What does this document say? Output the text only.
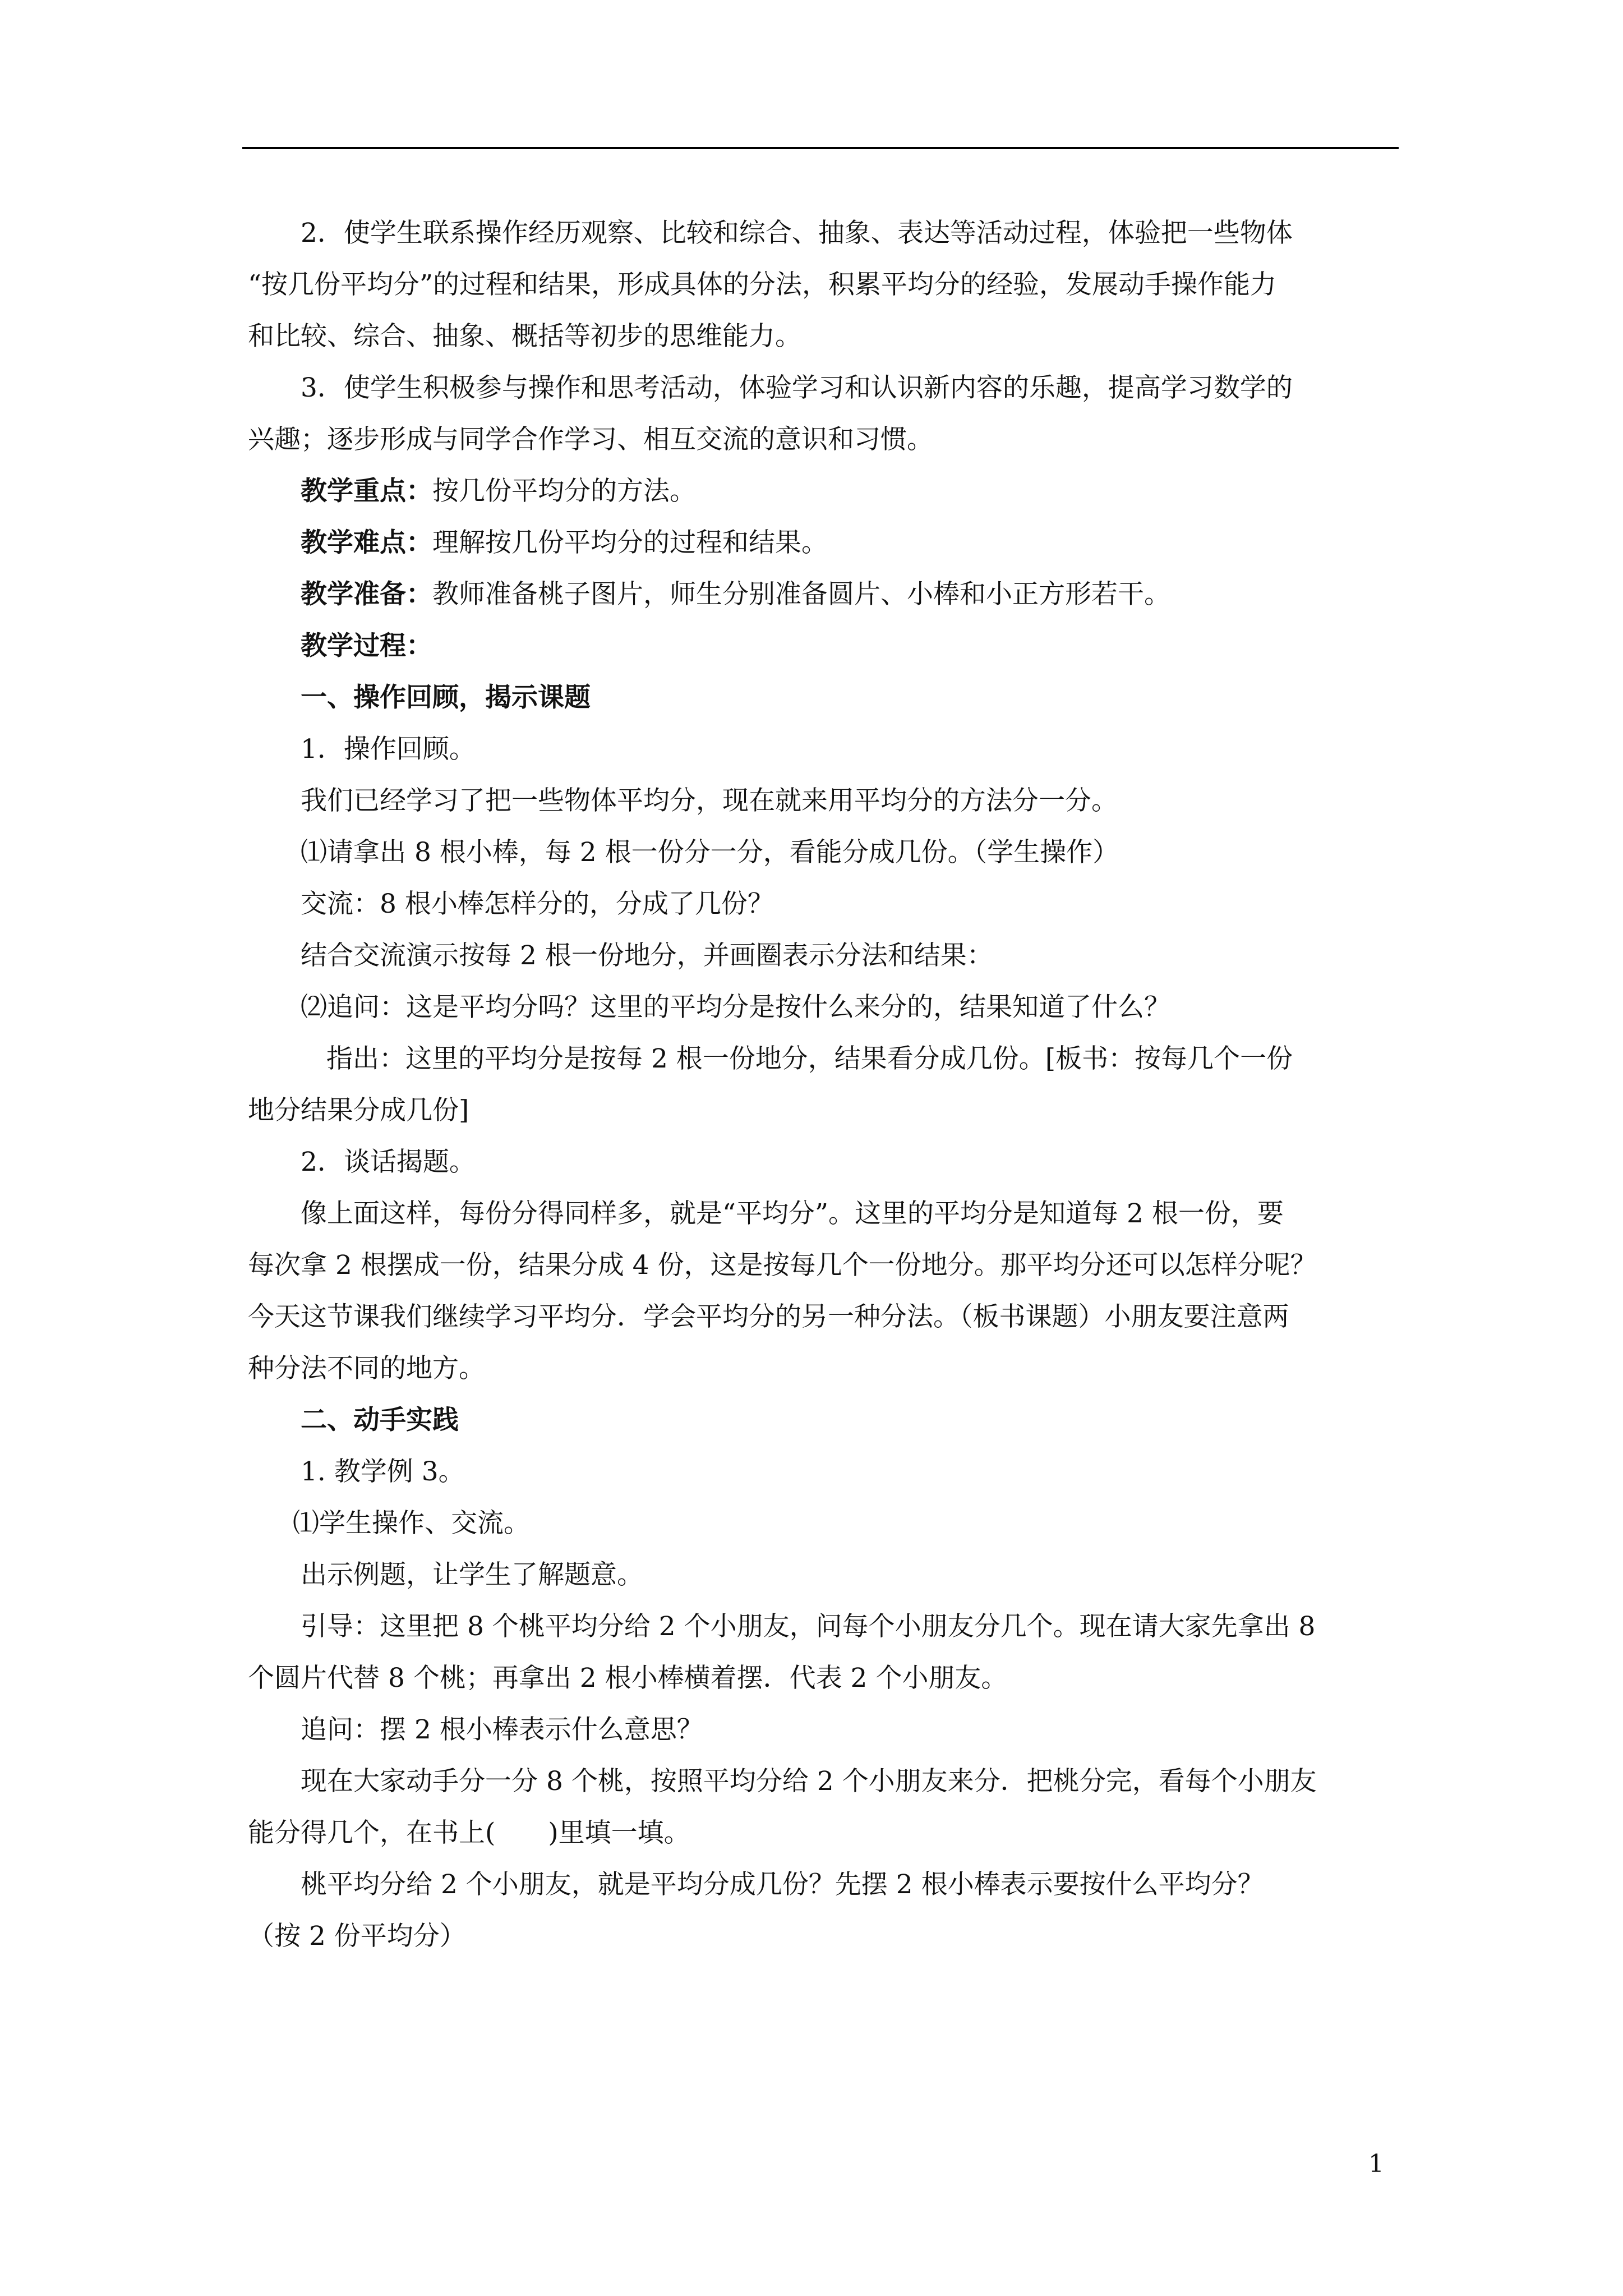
2．使学生联系操作经历观察、比较和综合、抽象、表达等活动过程，体验把一些物体

“按几份平均分”的过程和结果，形成具体的分法，积累平均分的经验，发展动手操作能力

和比较、综合、抽象、概括等初步的思维能力。

3．使学生积极参与操作和思考活动，体验学习和认识新内容的乐趣，提高学习数学的

兴趣；逐步形成与同学合作学习、相互交流的意识和习惯。

教学重点：按几份平均分的方法。

教学难点：理解按几份平均分的过程和结果。

教学准备：教师准备桃子图片，师生分别准备圆片、小棒和小正方形若干。

教学过程：

一、操作回顾，揭示课题

1．操作回顾。

我们已经学习了把一些物体平均分，现在就来用平均分的方法分一分。

⑴请拿出 8 根小棒，每 2 根一份分一分，看能分成几份。（学生操作）

交流：8 根小棒怎样分的，分成了几份？

结合交流演示按每 2 根一份地分，并画圈表示分法和结果：

⑵追问：这是平均分吗？这里的平均分是按什么来分的，结果知道了什么？

指出：这里的平均分是按每 2 根一份地分，结果看分成几份。[板书：按每几个一份

地分结果分成几份]

2．谈话揭题。

像上面这样，每份分得同样多，就是“平均分”。这里的平均分是知道每 2 根一份，要

每次拿 2 根摆成一份，结果分成 4 份，这是按每几个一份地分。那平均分还可以怎样分呢？

今天这节课我们继续学习平均分．学会平均分的另一种分法。（板书课题）小朋友要注意两

种分法不同的地方。

二、动手实践

1. 教学例 3。

⑴学生操作、交流。

出示例题，让学生了解题意。

引导：这里把 8 个桃平均分给 2 个小朋友，问每个小朋友分几个。现在请大家先拿出 8

个圆片代替 8 个桃；再拿出 2 根小棒横着摆．代表 2 个小朋友。

追问：摆 2 根小棒表示什么意思？

现在大家动手分一分 8 个桃，按照平均分给 2 个小朋友来分．把桃分完，看每个小朋友

能分得几个，在书上(　　)里填一填。

桃平均分给 2 个小朋友，就是平均分成几份？先摆 2 根小棒表示要按什么平均分？

（按 2 份平均分）

1
